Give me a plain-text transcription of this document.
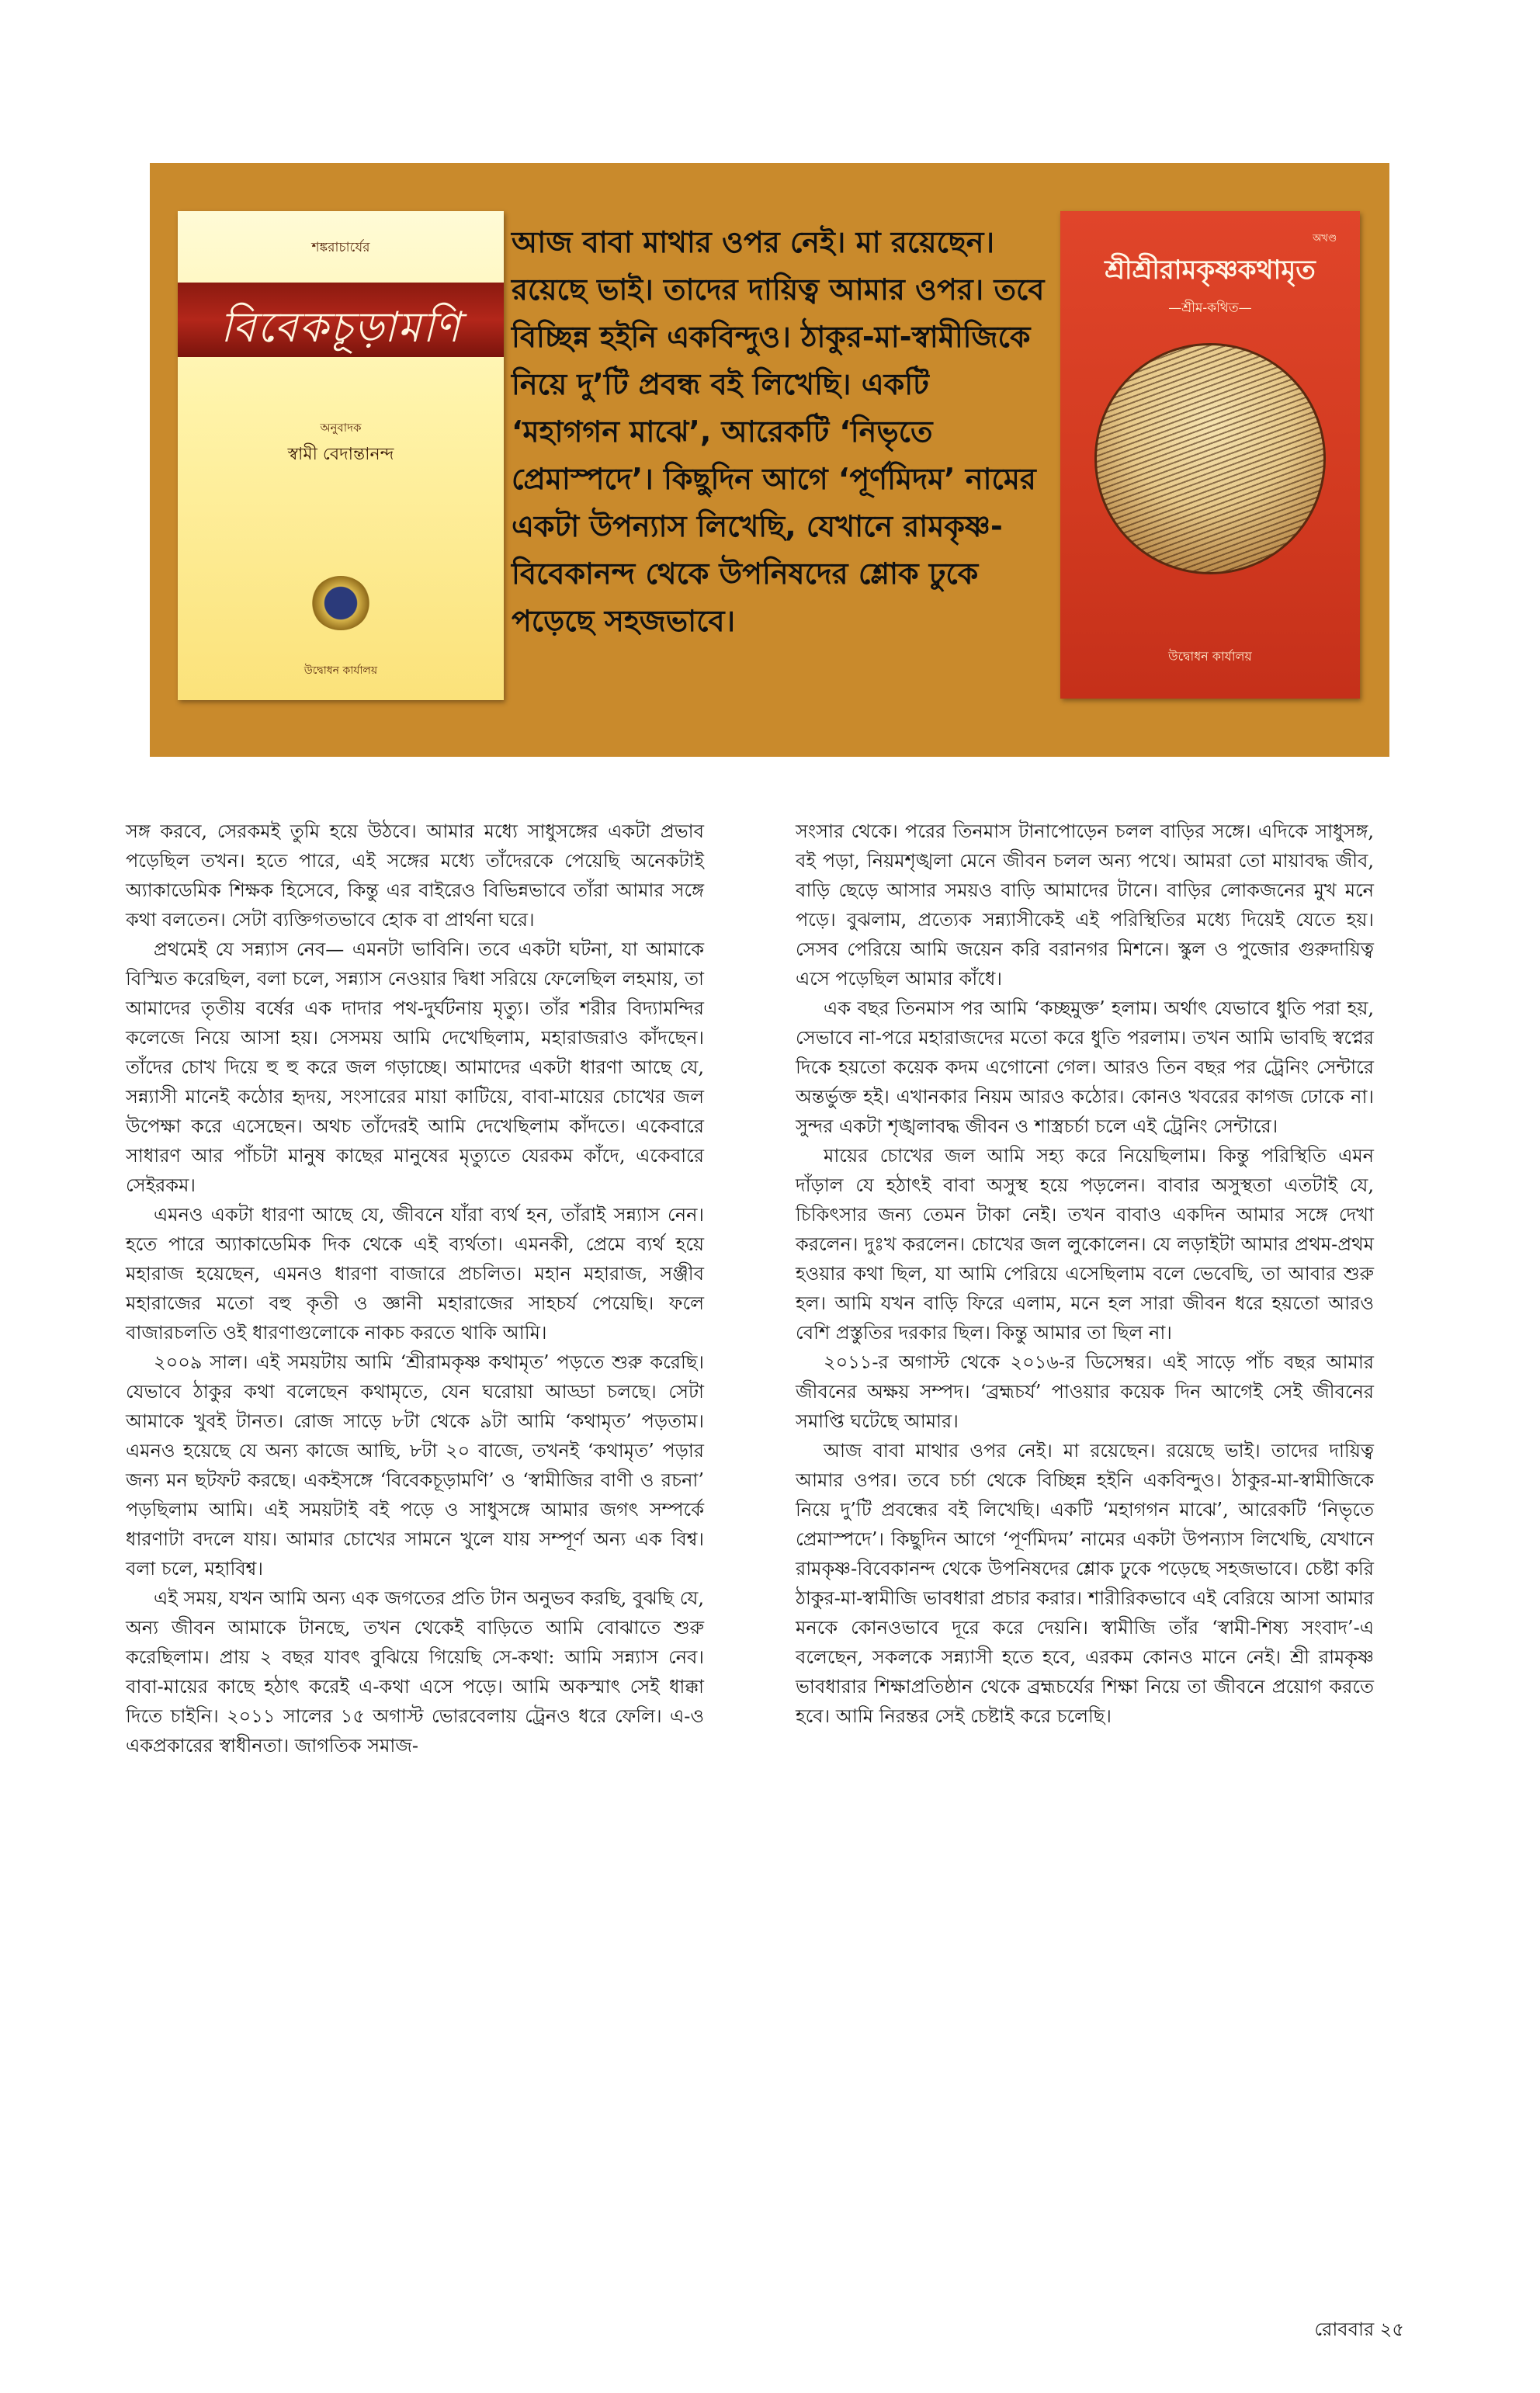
শঙ্করাচার্যের
বিবেকচূড়ামণি
অনুবাদক
স্বামী বেদান্তানন্দ
উদ্বোধন কার্যালয়

আজ বাবা মাথার ওপর নেই। মা রয়েছেন। রয়েছে ভাই। তাদের দায়িত্ব আমার ওপর। তবে বিচ্ছিন্ন হইনি একবিন্দুও। ঠাকুর-মা-স্বামীজিকে নিয়ে দু’টি প্রবন্ধ বই লিখেছি। একটি ‘মহাগগন মাঝে’, আরেকটি ‘নিভৃতে প্রেমাস্পদে’। কিছুদিন আগে ‘পূর্ণমিদম’ নামের একটা উপন্যাস লিখেছি, যেখানে রামকৃষ্ণ-বিবেকানন্দ থেকে উপনিষদের শ্লোক ঢুকে পড়েছে সহজভাবে।

অখণ্ড
শ্রীশ্রীরামকৃষ্ণকথামৃত
—শ্রীম-কথিত—
উদ্বোধন কার্যালয়

সঙ্গ করবে, সেরকমই তুমি হয়ে উঠবে। আমার মধ্যে সাধুসঙ্গের একটা প্রভাব পড়েছিল তখন। হতে পারে, এই সঙ্গের মধ্যে তাঁদেরকে পেয়েছি অনেকটাই অ্যাকাডেমিক শিক্ষক হিসেবে, কিন্তু এর বাইরেও বিভিন্নভাবে তাঁরা আমার সঙ্গে কথা বলতেন। সেটা ব্যক্তিগতভাবে হোক বা প্রার্থনা ঘরে।

প্রথমেই যে সন্ন্যাস নেব— এমনটা ভাবিনি। তবে একটা ঘটনা, যা আমাকে বিস্মিত করেছিল, বলা চলে, সন্ন্যাস নেওয়ার দ্বিধা সরিয়ে ফেলেছিল লহমায়, তা আমাদের তৃতীয় বর্ষের এক দাদার পথ-দুর্ঘটনায় মৃত্যু। তাঁর শরীর বিদ্যামন্দির কলেজে নিয়ে আসা হয়। সেসময় আমি দেখেছিলাম, মহারাজরাও কাঁদছেন। তাঁদের চোখ দিয়ে হু হু করে জল গড়াচ্ছে। আমাদের একটা ধারণা আছে যে, সন্ন্যাসী মানেই কঠোর হৃদয়, সংসারের মায়া কাটিয়ে, বাবা-মায়ের চোখের জল উপেক্ষা করে এসেছেন। অথচ তাঁদেরই আমি দেখেছিলাম কাঁদতে। একেবারে সাধারণ আর পাঁচটা মানুষ কাছের মানুষের মৃত্যুতে যেরকম কাঁদে, একেবারে সেইরকম।

এমনও একটা ধারণা আছে যে, জীবনে যাঁরা ব্যর্থ হন, তাঁরাই সন্ন্যাস নেন। হতে পারে অ্যাকাডেমিক দিক থেকে এই ব্যর্থতা। এমনকী, প্রেমে ব্যর্থ হয়ে মহারাজ হয়েছেন, এমনও ধারণা বাজারে প্রচলিত। মহান মহারাজ, সঞ্জীব মহারাজের মতো বহু কৃতী ও জ্ঞানী মহারাজের সাহচর্য পেয়েছি। ফলে বাজারচলতি ওই ধারণাগুলোকে নাকচ করতে থাকি আমি।

২০০৯ সাল। এই সময়টায় আমি ‘শ্রীরামকৃষ্ণ কথামৃত’ পড়তে শুরু করেছি। যেভাবে ঠাকুর কথা বলেছেন কথামৃতে, যেন ঘরোয়া আড্ডা চলছে। সেটা আমাকে খুবই টানত। রোজ সাড়ে ৮টা থেকে ৯টা আমি ‘কথামৃত’ পড়তাম। এমনও হয়েছে যে অন্য কাজে আছি, ৮টা ২০ বাজে, তখনই ‘কথামৃত’ পড়ার জন্য মন ছটফট করছে। একইসঙ্গে ‘বিবেকচূড়ামণি’ ও ‘স্বামীজির বাণী ও রচনা’ পড়ছিলাম আমি। এই সময়টাই বই পড়ে ও সাধুসঙ্গে আমার জগৎ সম্পর্কে ধারণাটা বদলে যায়। আমার চোখের সামনে খুলে যায় সম্পূর্ণ অন্য এক বিশ্ব। বলা চলে, মহাবিশ্ব।

এই সময়, যখন আমি অন্য এক জগতের প্রতি টান অনুভব করছি, বুঝছি যে, অন্য জীবন আমাকে টানছে, তখন থেকেই বাড়িতে আমি বোঝাতে শুরু করেছিলাম। প্রায় ২ বছর যাবৎ বুঝিয়ে গিয়েছি সে-কথা: আমি সন্ন্যাস নেব। বাবা-মায়ের কাছে হঠাৎ করেই এ-কথা এসে পড়ে। আমি অকস্মাৎ সেই ধাক্কা দিতে চাইনি। ২০১১ সালের ১৫ অগাস্ট ভোরবেলায় ট্রেনও ধরে ফেলি। এ-ও একপ্রকারের স্বাধীনতা। জাগতিক সমাজ-

সংসার থেকে। পরের তিনমাস টানাপোড়েন চলল বাড়ির সঙ্গে। এদিকে সাধুসঙ্গ, বই পড়া, নিয়মশৃঙ্খলা মেনে জীবন চলল অন্য পথে। আমরা তো মায়াবদ্ধ জীব, বাড়ি ছেড়ে আসার সময়ও বাড়ি আমাদের টানে। বাড়ির লোকজনের মুখ মনে পড়ে। বুঝলাম, প্রত্যেক সন্ন্যাসীকেই এই পরিস্থিতির মধ্যে দিয়েই যেতে হয়। সেসব পেরিয়ে আমি জয়েন করি বরানগর মিশনে। স্কুল ও পুজোর গুরুদায়িত্ব এসে পড়েছিল আমার কাঁধে।

এক বছর তিনমাস পর আমি ‘কচ্ছমুক্ত’ হলাম। অর্থাৎ যেভাবে ধুতি পরা হয়, সেভাবে না-পরে মহারাজদের মতো করে ধুতি পরলাম। তখন আমি ভাবছি স্বপ্নের দিকে হয়তো কয়েক কদম এগোনো গেল। আরও তিন বছর পর ট্রেনিং সেন্টারে অন্তর্ভুক্ত হই। এখানকার নিয়ম আরও কঠোর। কোনও খবরের কাগজ ঢোকে না। সুন্দর একটা শৃঙ্খলাবদ্ধ জীবন ও শাস্ত্রচর্চা চলে এই ট্রেনিং সেন্টারে।

মায়ের চোখের জল আমি সহ্য করে নিয়েছিলাম। কিন্তু পরিস্থিতি এমন দাঁড়াল যে হঠাৎই বাবা অসুস্থ হয়ে পড়লেন। বাবার অসুস্থতা এতটাই যে, চিকিৎসার জন্য তেমন টাকা নেই। তখন বাবাও একদিন আমার সঙ্গে দেখা করলেন। দুঃখ করলেন। চোখের জল লুকোলেন। যে লড়াইটা আমার প্রথম-প্রথম হওয়ার কথা ছিল, যা আমি পেরিয়ে এসেছিলাম বলে ভেবেছি, তা আবার শুরু হল। আমি যখন বাড়ি ফিরে এলাম, মনে হল সারা জীবন ধরে হয়তো আরও বেশি প্রস্তুতির দরকার ছিল। কিন্তু আমার তা ছিল না।

২০১১-র অগাস্ট থেকে ২০১৬-র ডিসেম্বর। এই সাড়ে পাঁচ বছর আমার জীবনের অক্ষয় সম্পদ। ‘ব্রহ্মচর্য’ পাওয়ার কয়েক দিন আগেই সেই জীবনের সমাপ্তি ঘটেছে আমার।

আজ বাবা মাথার ওপর নেই। মা রয়েছেন। রয়েছে ভাই। তাদের দায়িত্ব আমার ওপর। তবে চর্চা থেকে বিচ্ছিন্ন হইনি একবিন্দুও। ঠাকুর-মা-স্বামীজিকে নিয়ে দু’টি প্রবন্ধের বই লিখেছি। একটি ‘মহাগগন মাঝে’, আরেকটি ‘নিভৃতে প্রেমাস্পদে’। কিছুদিন আগে ‘পূর্ণমিদম’ নামের একটা উপন্যাস লিখেছি, যেখানে রামকৃষ্ণ-বিবেকানন্দ থেকে উপনিষদের শ্লোক ঢুকে পড়েছে সহজভাবে। চেষ্টা করি ঠাকুর-মা-স্বামীজি ভাবধারা প্রচার করার। শারীরিকভাবে এই বেরিয়ে আসা আমার মনকে কোনওভাবে দূরে করে দেয়নি। স্বামীজি তাঁর ‘স্বামী-শিষ্য সংবাদ’-এ বলেছেন, সকলকে সন্ন্যাসী হতে হবে, এরকম কোনও মানে নেই। শ্রী রামকৃষ্ণ ভাবধারার শিক্ষাপ্রতিষ্ঠান থেকে ব্রহ্মচর্যের শিক্ষা নিয়ে তা জীবনে প্রয়োগ করতে হবে। আমি নিরন্তর সেই চেষ্টাই করে চলেছি।

রোববার ২৫
